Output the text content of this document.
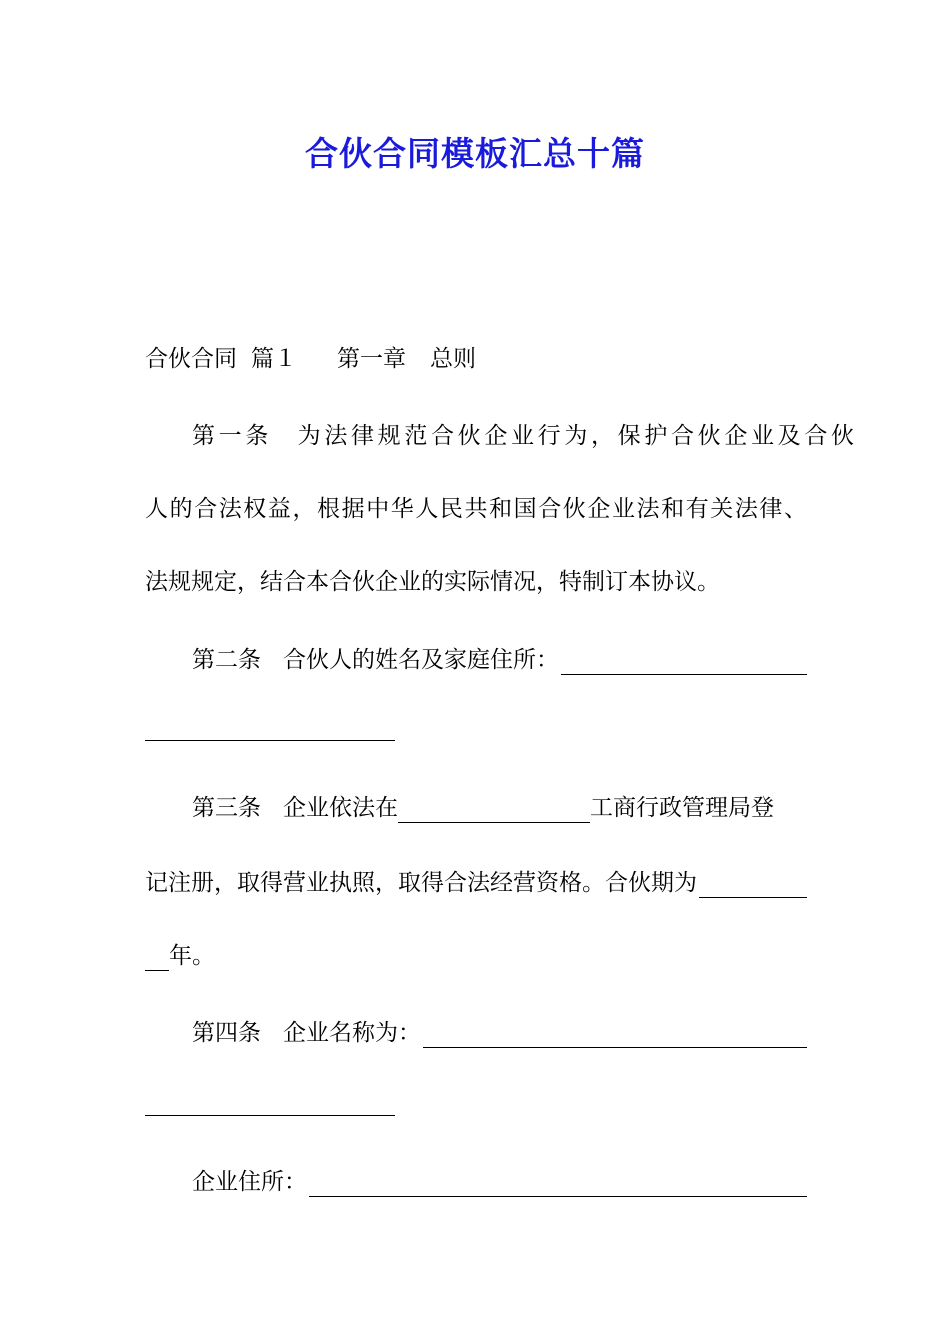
合伙合同模板汇总十篇
合伙合同 篇１ 第一章 总则
第一条 为法律规范合伙企业行为，保护合伙企业及合伙
人的合法权益，根据中华人民共和国合伙企业法和有关法律、
法规规定，结合本合伙企业的实际情况，特制订本协议。
第二条 合伙人的姓名及家庭住所：
第三条 企业依法在	工商行政管理局登
记注册，取得营业执照，取得合法经营资格。合伙期为
年。
第四条 企业名称为：
企业住所：
